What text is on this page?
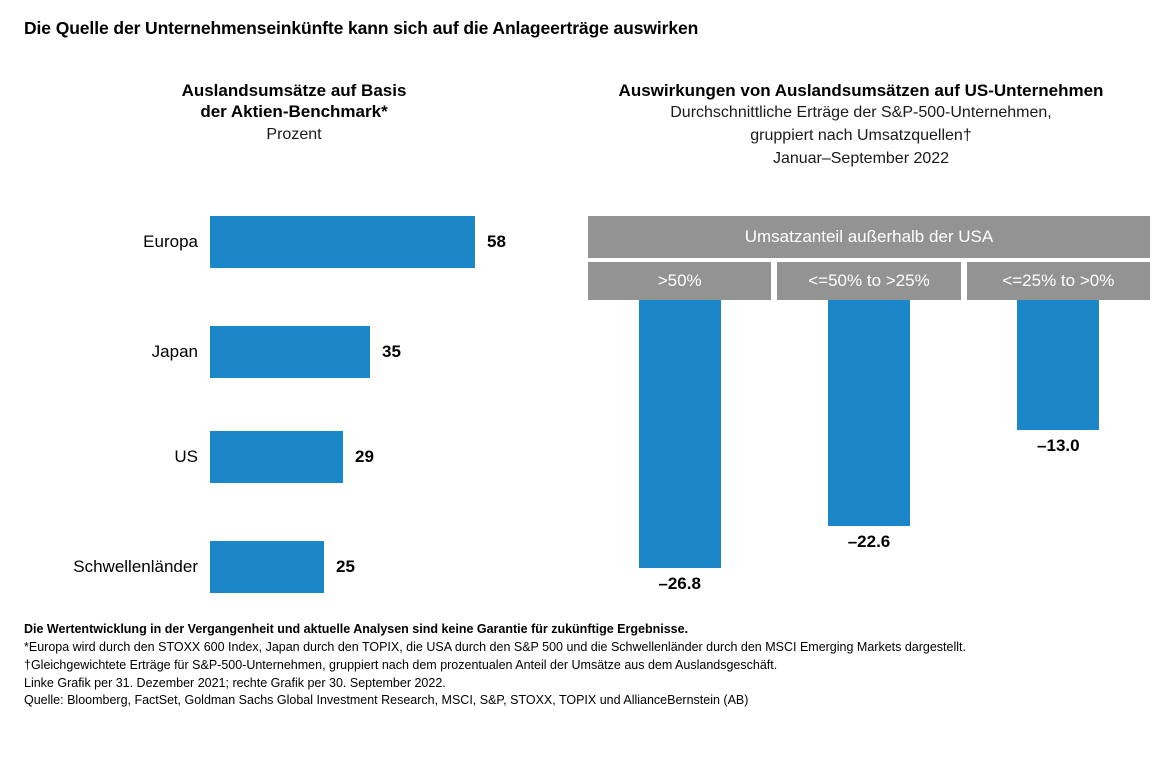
Die Quelle der Unternehmenseinkünfte kann sich auf die Anlageerträge auswirken
Auslandsumsätze auf Basis
der Aktien-Benchmark*
Prozent
Auswirkungen von Auslandsumsätzen auf US-Unternehmen
Durchschnittliche Erträge der S&P-500-Unternehmen,
gruppiert nach Umsatzquellen†
Januar–September 2022
Europa	58
Japan	35
US	29
Schwellenländer	25
Umsatzanteil außerhalb der USA
>50%	<=50% to >25%	<=25% to >0%
–26.8
–22.6
–13.0
Die Wertentwicklung in der Vergangenheit und aktuelle Analysen sind keine Garantie für zukünftige Ergebnisse.
*Europa wird durch den STOXX 600 Index, Japan durch den TOPIX, die USA durch den S&P 500 und die Schwellenländer durch den MSCI Emerging Markets dargestellt.
†Gleichgewichtete Erträge für S&P-500-Unternehmen, gruppiert nach dem prozentualen Anteil der Umsätze aus dem Auslandsgeschäft.
Linke Grafik per 31. Dezember 2021; rechte Grafik per 30. September 2022.
Quelle: Bloomberg, FactSet, Goldman Sachs Global Investment Research, MSCI, S&P, STOXX, TOPIX und AllianceBernstein (AB)
